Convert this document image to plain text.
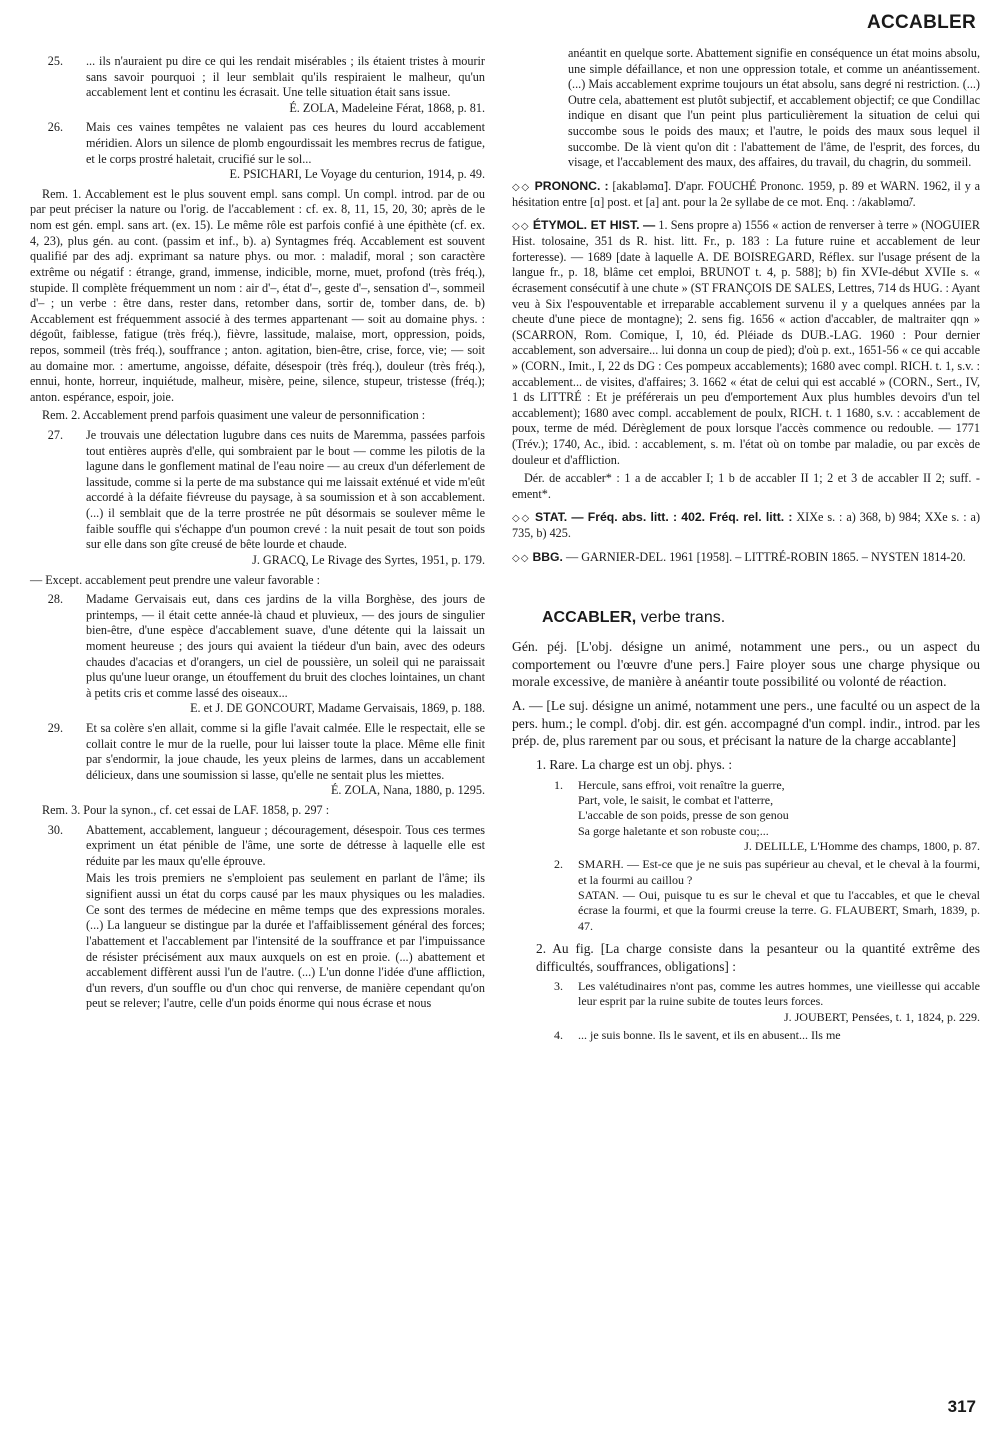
ACCABLER
25. ... ils n'auraient pu dire ce qui les rendait misérables ; ils étaient tristes à mourir sans savoir pourquoi ; il leur semblait qu'ils respiraient le malheur, qu'un accablement lent et continu les écrasait. Une telle situation était sans issue.

É. ZOLA, Madeleine Férat, 1868, p. 81.

26. Mais ces vaines tempêtes ne valaient pas ces heures du lourd accablement méridien. Alors un silence de plomb engourdissait les membres recrus de fatigue, et le corps prostré haletait, crucifié sur le sol...

E. PSICHARI, Le Voyage du centurion, 1914, p. 49.

Rem. 1. Accablement est le plus souvent empl. sans compl. Un compl. introd. par de ou par peut préciser la nature ou l'orig. de l'accablement : cf. ex. 8, 11, 15, 20, 30; après de le nom est gén. empl. sans art. (ex. 15). Le même rôle est parfois confié à une épithète (cf. ex. 4, 23), plus gén. au cont. (passim et inf., b). a) Syntagmes fréq. Accablement est souvent qualifié par des adj. exprimant sa nature phys. ou mor. : maladif, moral ; son caractère extrême ou négatif : étrange, grand, immense, indicible, morne, muet, profond (très fréq.), stupide. Il complète fréquemment un nom : air d'–, état d'–, geste d'–, sensation d'–, sommeil d'– ; un verbe : être dans, rester dans, retomber dans, sortir de, tomber dans, de. b) Accablement est fréquemment associé à des termes appartenant — soit au domaine phys. : dégoût, faiblesse, fatigue (très fréq.), fièvre, lassitude, malaise, mort, oppression, poids, repos, sommeil (très fréq.), souffrance ; anton. agitation, bien-être, crise, force, vie; — soit au domaine mor. : amertume, angoisse, défaite, désespoir (très fréq.), douleur (très fréq.), ennui, honte, horreur, inquiétude, malheur, misère, peine, silence, stupeur, tristesse (fréq.); anton. espérance, espoir, joie.

Rem. 2. Accablement prend parfois quasiment une valeur de personnification :

27. Je trouvais une délectation lugubre dans ces nuits de Maremma, passées parfois tout entières auprès d'elle, qui sombraient par le bout — comme les pilotis de la lagune dans le gonflement matinal de l'eau noire — au creux d'un déferlement de lassitude, comme si la perte de ma substance qui me laissait exténué et vide m'eût accordé à la défaite fiévreuse du paysage, à sa soumission et à son accablement. (...) il semblait que de la terre prostrée ne pût désormais se soulever même le faible souffle qui s'échappe d'un poumon crevé : la nuit pesait de tout son poids sur elle dans son gîte creusé de bête lourde et chaude.

J. GRACQ, Le Rivage des Syrtes, 1951, p. 179.

— Except. accablement peut prendre une valeur favorable :

28. Madame Gervaisais eut, dans ces jardins de la villa Borghèse, des jours de printemps, — il était cette année-là chaud et pluvieux, — des jours de singulier bien-être, d'une espèce d'accablement suave, d'une détente qui la laissait un moment heureuse ; des jours qui avaient la tiédeur d'un bain, avec des odeurs chaudes d'acacias et d'orangers, un ciel de poussière, un soleil qui ne paraissait plus qu'une lueur orange, un étouffement du bruit des cloches lointaines, un chant à petits cris et comme lassé des oiseaux...

E. et J. DE GONCOURT, Madame Gervaisais, 1869, p. 188.

29. Et sa colère s'en allait, comme si la gifle l'avait calmée. Elle le respectait, elle se collait contre le mur de la ruelle, pour lui laisser toute la place. Même elle finit par s'endormir, la joue chaude, les yeux pleins de larmes, dans un accablement délicieux, dans une soumission si lasse, qu'elle ne sentait plus les miettes.

É. ZOLA, Nana, 1880, p. 1295.

Rem. 3. Pour la synon., cf. cet essai de LAF. 1858, p. 297 :

30. Abattement, accablement, langueur ; découragement, désespoir. Tous ces termes expriment un état pénible de l'âme, une sorte de détresse à laquelle elle est réduite par les maux qu'elle éprouve.

Mais les trois premiers ne s'emploient pas seulement en parlant de l'âme; ils signifient aussi un état du corps causé par les maux physiques ou les maladies. Ce sont des termes de médecine en même temps que des expressions morales. (...) La langueur se distingue par la durée et l'affaiblissement général des forces; l'abattement et l'accablement par l'intensité de la souffrance et par l'impuissance de résister précisément aux maux auxquels on est en proie. (...) abattement et accablement diffèrent aussi l'un de l'autre. (...) L'un donne l'idée d'une affliction, d'un revers, d'un souffle ou d'un choc qui renverse, de manière cependant qu'on peut se relever; l'autre, celle d'un poids énorme qui nous écrase et nous

anéantit en quelque sorte. Abattement signifie en conséquence un état moins absolu, une simple défaillance, et non une oppression totale, et comme un anéantissement. (...) Mais accablement exprime toujours un état absolu, sans degré ni restriction. (...) Outre cela, abattement est plutôt subjectif, et accablement objectif; ce que Condillac indique en disant que l'un peint plus particulièrement la situation de celui qui succombe sous le poids des maux; et l'autre, le poids des maux sous lequel il succombe. De là vient qu'on dit : l'abattement de l'âme, de l'esprit, des forces, du visage, et l'accablement des maux, des affaires, du travail, du chagrin, du sommeil.

◇◇ PRONONC. : [akabləmɑ̃]. D'apr. FOUCHÉ Prononc. 1959, p. 89 et WARN. 1962, il y a hésitation entre [ɑ] post. et [a] ant. pour la 2e syllabe de ce mot. Enq. : /akabləmɑ̃/.

◇◇ ÉTYMOL. ET HIST. — 1. Sens propre a) 1556 « action de renverser à terre » (NOGUIER Hist. tolosaine, 351 ds R. hist. litt. Fr., p. 183 : La future ruine et accablement de leur forteresse). — 1689 [date à laquelle A. DE BOISREGARD, Réflex. sur l'usage présent de la langue fr., p. 18, blâme cet emploi, BRUNOT t. 4, p. 588]; b) fin XVIe-début XVIIe s. « écrasement consécutif à une chute » (ST FRANÇOIS DE SALES, Lettres, 714 ds HUG. : Ayant veu à Six l'espouventable et irreparable accablement survenu il y a quelques années par la cheute d'une piece de montagne); 2. sens fig. 1656 « action d'accabler, de maltraiter qqn » (SCARRON, Rom. Comique, I, 10, éd. Pléiade ds DUB.-LAG. 1960 : Pour dernier accablement, son adversaire... lui donna un coup de pied); d'où p. ext., 1651-56 « ce qui accable » (CORN., Imit., I, 22 ds DG : Ces pompeux accablements); 1680 avec compl. RICH. t. 1, s.v. : accablement... de visites, d'affaires; 3. 1662 « état de celui qui est accablé » (CORN., Sert., IV, 1 ds LITTRÉ : Et je préférerais un peu d'emportement Aux plus humbles devoirs d'un tel accablement); 1680 avec compl. accablement de poulx, RICH. t. 1 1680, s.v. : accablement de poux, terme de méd. Dérèglement de poux lorsque l'accès commence ou redouble. — 1771 (Trév.); 1740, Ac., ibid. : accablement, s. m. l'état où on tombe par maladie, ou par excès de douleur et d'affliction.

Dér. de accabler* : 1 a de accabler I; 1 b de accabler II 1; 2 et 3 de accabler II 2; suff. -ement*.

◇◇ STAT. — Fréq. abs. litt. : 402. Fréq. rel. litt. : XIXe s. : a) 368, b) 984; XXe s. : a) 735, b) 425.

◇◇ BBG. — GARNIER-DEL. 1961 [1958]. – LITTRÉ-ROBIN 1865. – NYSTEN 1814-20.

ACCABLER, verbe trans.

Gén. péj. [L'obj. désigne un animé, notamment une pers., ou un aspect du comportement ou l'œuvre d'une pers.] Faire ployer sous une charge physique ou morale excessive, de manière à anéantir toute possibilité ou volonté de réaction.

A. — [Le suj. désigne un animé, notamment une pers., une faculté ou un aspect de la pers. hum.; le compl. d'obj. dir. est gén. accompagné d'un compl. indir., introd. par les prép. de, plus rarement par ou sous, et précisant la nature de la charge accablante]

1. Rare. La charge est un obj. phys. :

1. Hercule, sans effroi, voit renaître la guerre,

Part, vole, le saisit, le combat et l'atterre,

L'accable de son poids, presse de son genou

Sa gorge haletante et son robuste cou;...

J. DELILLE, L'Homme des champs, 1800, p. 87.

2. SMARH. — Est-ce que je ne suis pas supérieur au cheval, et le cheval à la fourmi, et la fourmi au caillou ?

SATAN. — Oui, puisque tu es sur le cheval et que tu l'accables, et que le cheval écrase la fourmi, et que la fourmi creuse la terre. G. FLAUBERT, Smarh, 1839, p. 47.

2. Au fig. [La charge consiste dans la pesanteur ou la quantité extrême des difficultés, souffrances, obligations] :

3. Les valétudinaires n'ont pas, comme les autres hommes, une vieillesse qui accable leur esprit par la ruine subite de toutes leurs forces.

J. JOUBERT, Pensées, t. 1, 1824, p. 229.

4. ... je suis bonne. Ils le savent, et ils en abusent... Ils me

317
